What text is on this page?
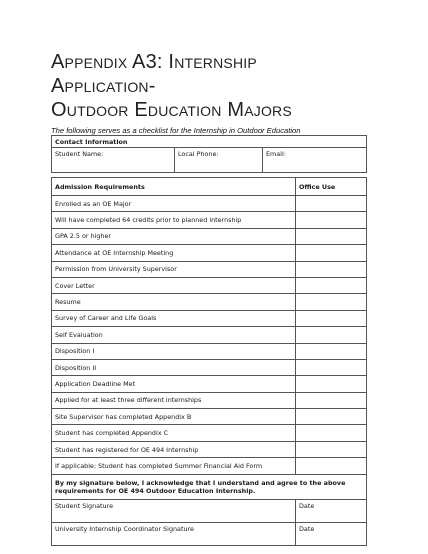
Appendix A3: Internship Application-
Outdoor Education Majors
The following serves as a checklist for the Internship in Outdoor Education
Contact Information			
Student Name:	Local Phone:	Email:	

Admission Requirements			Office Use
Enrolled as an OE Major			
Will have completed 64 credits prior to planned internship			
GPA 2.5 or higher			
Attendance at OE Internship Meeting			
Permission from University Supervisor			
Cover Letter			
Resume			
Survey of Career and Life Goals			
Self Evaluation			
Disposition I			
Disposition II			
Application Deadline Met			
Applied for at least three different internships			
Site Supervisor has completed Appendix B			
Student has completed Appendix C			
Student has registered for OE 494 Internship			
If applicable: Student has completed Summer Financial Aid Form			
By my signature below, I acknowledge that I understand and agree to the above requirements for OE 494 Outdoor Education Internship.			
Student Signature			Date
University Internship Coordinator Signature			Date
